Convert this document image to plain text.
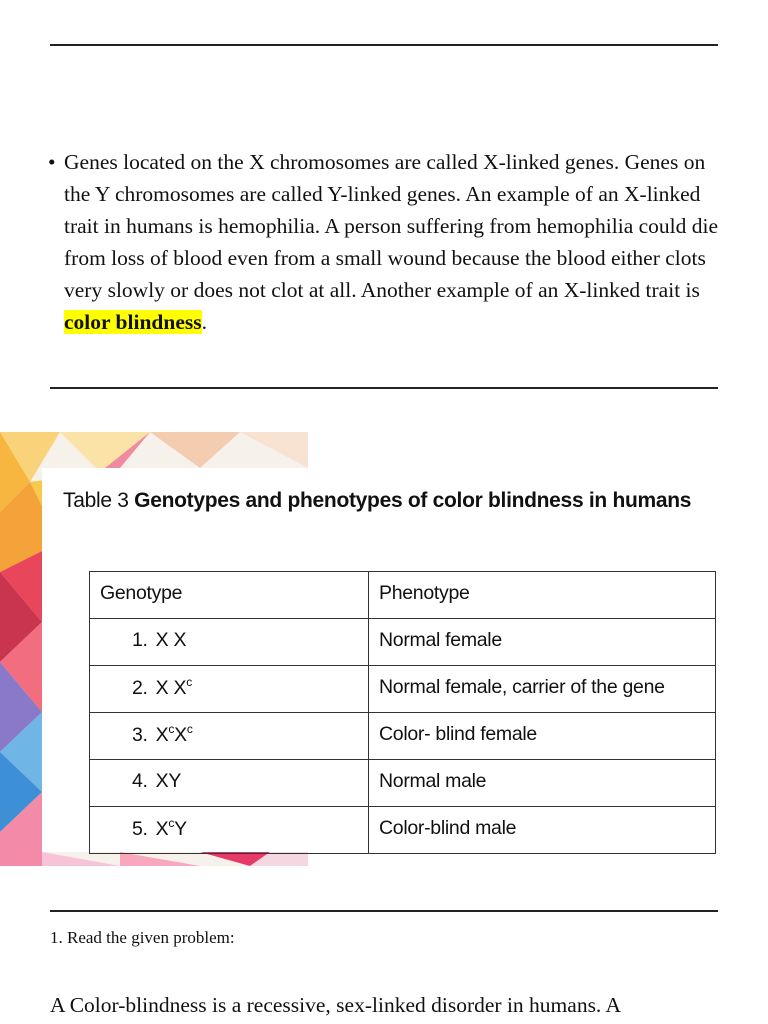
• Genes located on the X chromosomes are called X-linked genes. Genes on the Y chromosomes are called Y-linked genes. An example of an X-linked trait in humans is hemophilia. A person suffering from hemophilia could die from loss of blood even from a small wound because the blood either clots very slowly or does not clot at all. Another example of an X-linked trait is color blindness.
Table 3 Genotypes and phenotypes of color blindness in humans
Genotype	Phenotype
1. X X	Normal female
2. X $X^c$	Normal female, carrier of the gene
3. $X^cX^c$	Color- blind female
4. XY	Normal male
5. $X^cY$	Color-blind male
1. Read the given problem:
A Color-blindness is a recessive, sex-linked disorder in humans. A
